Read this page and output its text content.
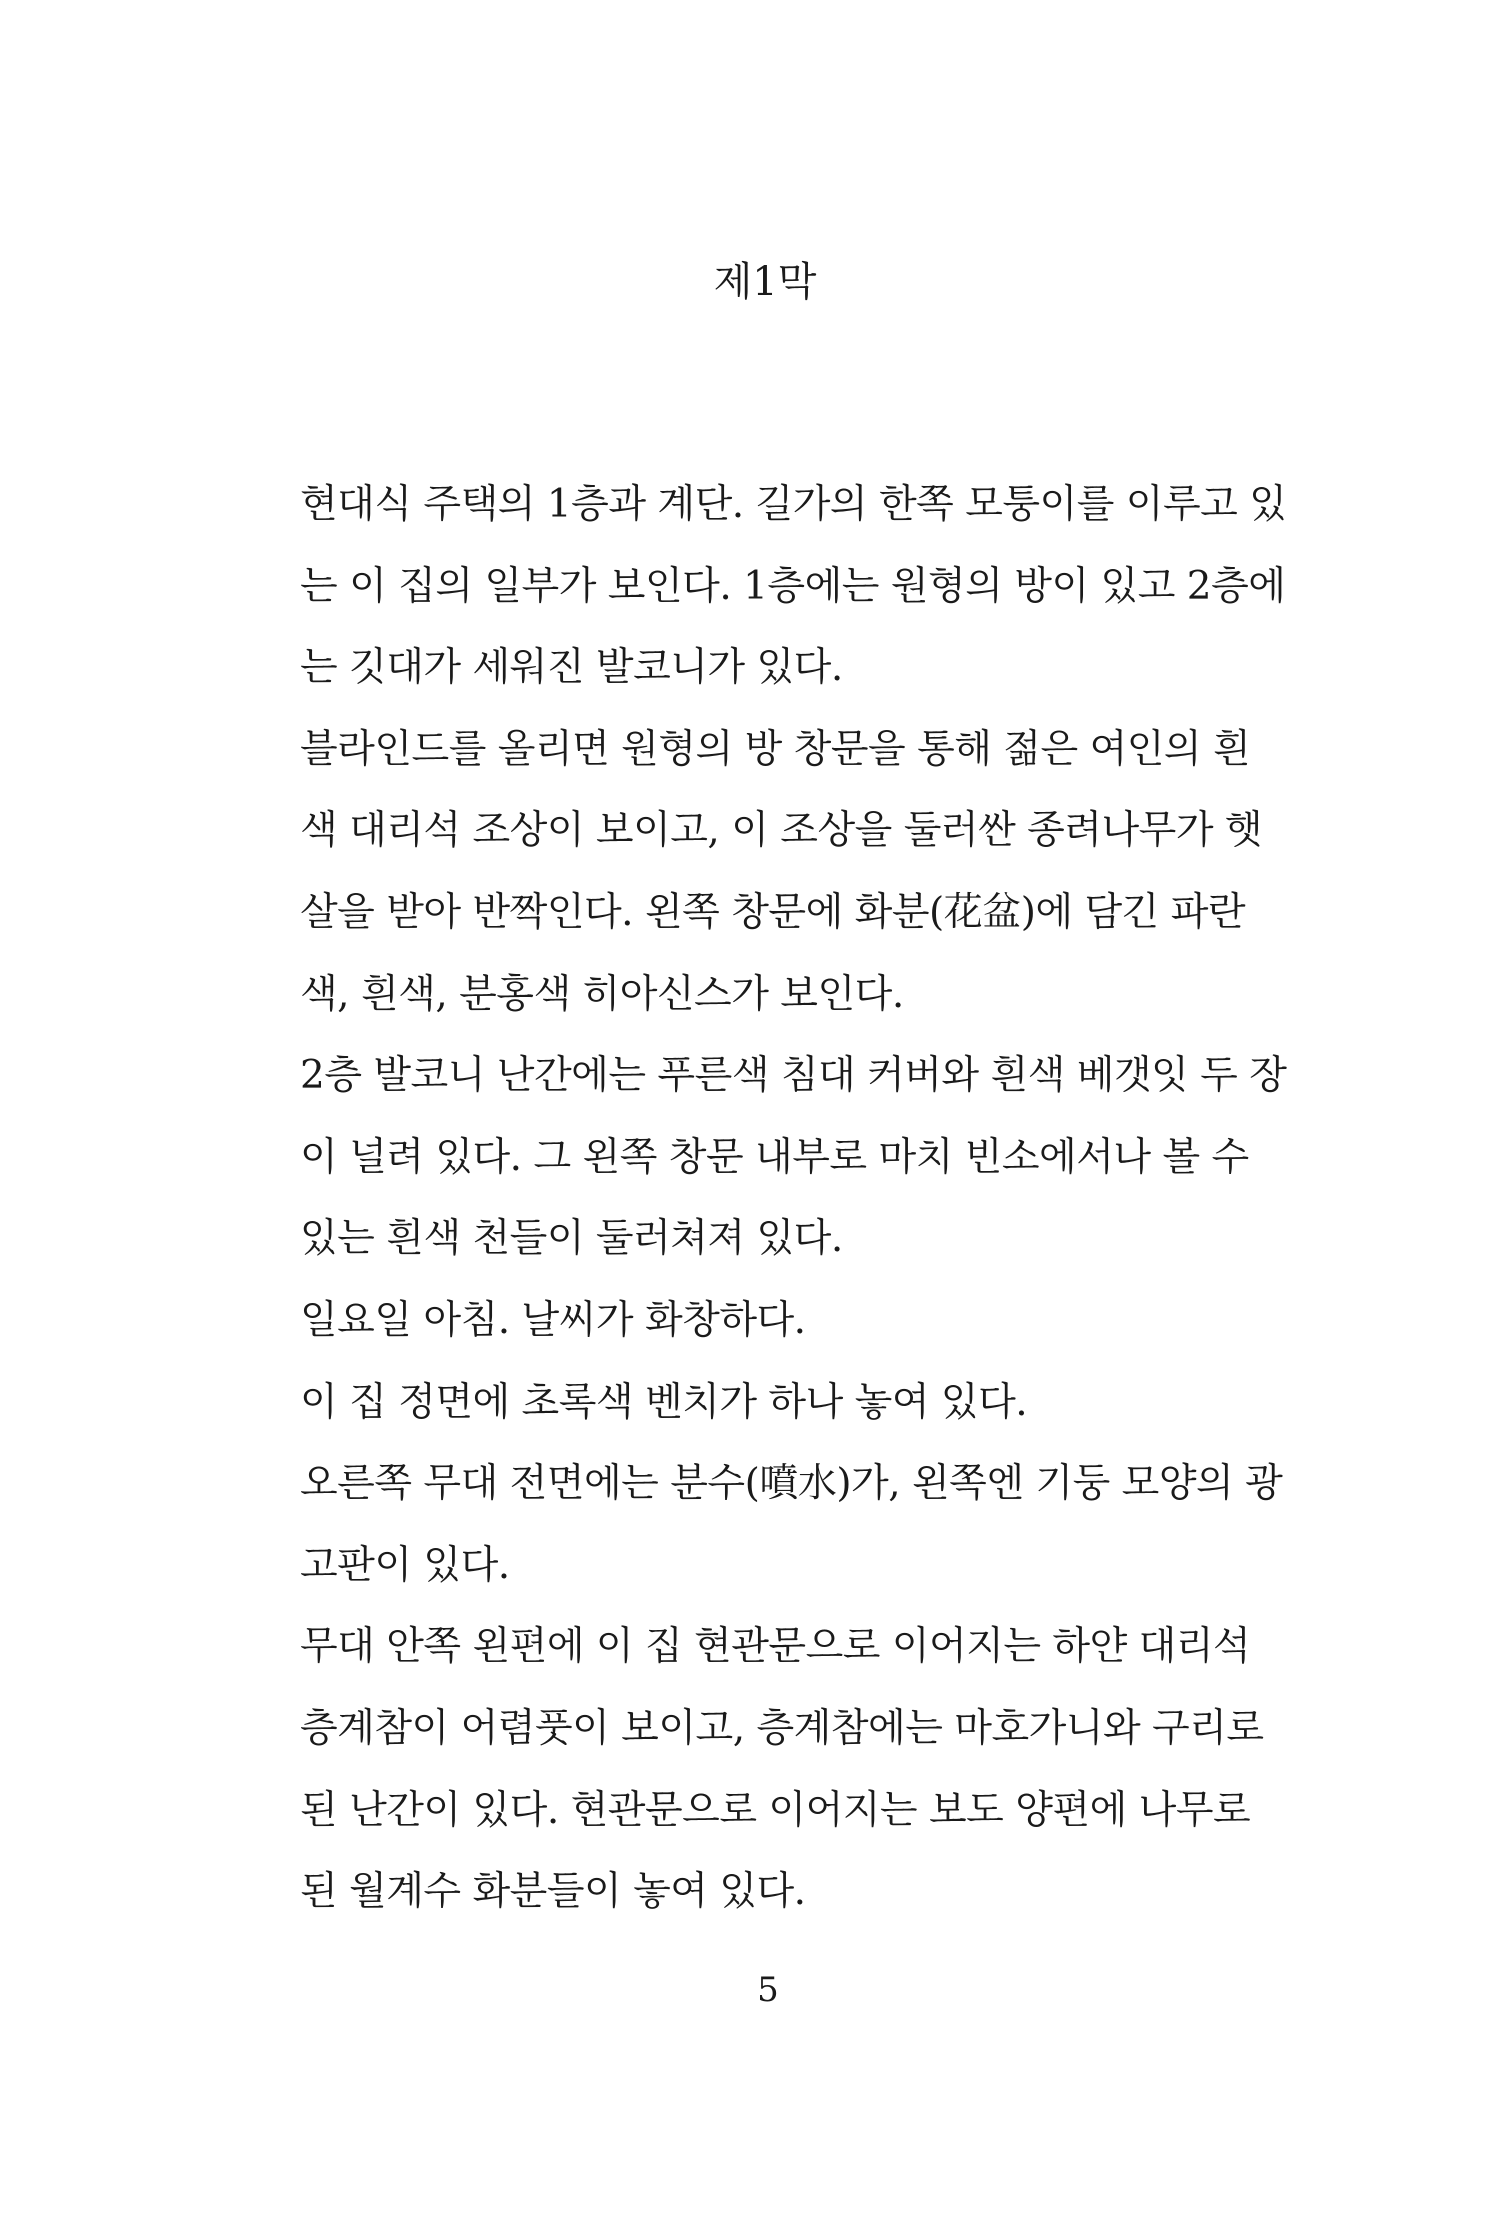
제1막
현대식 주택의 1층과 계단. 길가의 한쪽 모퉁이를 이루고 있
는 이 집의 일부가 보인다. 1층에는 원형의 방이 있고 2층에
는 깃대가 세워진 발코니가 있다.
블라인드를 올리면 원형의 방 창문을 통해 젊은 여인의 흰
색 대리석 조상이 보이고, 이 조상을 둘러싼 종려나무가 햇
살을 받아 반짝인다. 왼쪽 창문에 화분(花盆)에 담긴 파란
색, 흰색, 분홍색 히아신스가 보인다.
2층 발코니 난간에는 푸른색 침대 커버와 흰색 베갯잇 두 장
이 널려 있다. 그 왼쪽 창문 내부로 마치 빈소에서나 볼 수
있는 흰색 천들이 둘러쳐져 있다.
일요일 아침. 날씨가 화창하다.
이 집 정면에 초록색 벤치가 하나 놓여 있다.
오른쪽 무대 전면에는 분수(噴水)가, 왼쪽엔 기둥 모양의 광
고판이 있다.
무대 안쪽 왼편에 이 집 현관문으로 이어지는 하얀 대리석
층계참이 어렴풋이 보이고, 층계참에는 마호가니와 구리로
된 난간이 있다. 현관문으로 이어지는 보도 양편에 나무로
된 월계수 화분들이 놓여 있다.
5
